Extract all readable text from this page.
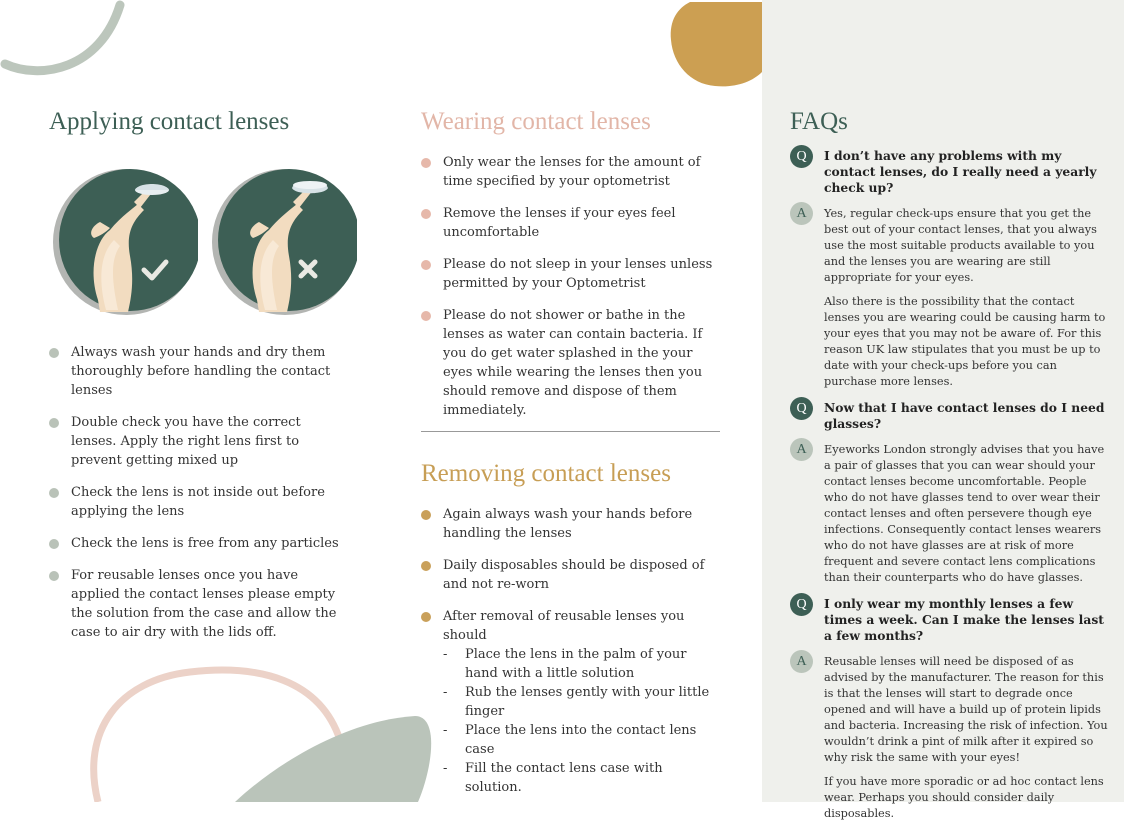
Applying contact lenses
Always wash your hands and dry them thoroughly before handling the contact lenses
Double check you have the correct lenses. Apply the right lens first to prevent getting mixed up
Check the lens is not inside out before applying the lens
Check the lens is free from any particles
For reusable lenses once you have applied the contact lenses please empty the solution from the case and allow the case to air dry with the lids off.
Wearing contact lenses
Only wear the lenses for the amount of time specified by your optometrist
Remove the lenses if your eyes feel uncomfortable
Please do not sleep in your lenses unless permitted by your Optometrist
Please do not shower or bathe in the lenses as water can contain bacteria. If you do get water splashed in the your eyes while wearing the lenses then you should remove and dispose of them immediately.
Removing contact lenses
Again always wash your hands before handling the lenses
Daily disposables should be disposed of and not re-worn
After removal of reusable lenses you should
- Place the lens in the palm of your hand with a little solution
- Rub the lenses gently with your little finger
- Place the lens into the contact lens case
- Fill the contact lens case with solution.
FAQs
Q	I don’t have any problems with my contact lenses, do I really need a yearly check up?

A	Yes, regular check-ups ensure that you get the best out of your contact lenses, that you always use the most suitable products available to you and the lenses you are wearing are still appropriate for your eyes.

Also there is the possibility that the contact lenses you are wearing could be causing harm to your eyes that you may not be aware of. For this reason UK law stipulates that you must be up to date with your check-ups before you can purchase more lenses.

Q	Now that I have contact lenses do I need glasses?

A	Eyeworks London strongly advises that you have a pair of glasses that you can wear should your contact lenses become uncomfortable. People who do not have glasses tend to over wear their contact lenses and often persevere though eye infections. Consequently contact lenses wearers who do not have glasses are at risk of more frequent and severe contact lens complications than their counterparts who do have glasses.

Q	I only wear my monthly lenses a few times a week. Can I make the lenses last a few months?

A	Reusable lenses will need be disposed of as advised by the manufacturer. The reason for this is that the lenses will start to degrade once opened and will have a build up of protein lipids and bacteria. Increasing the risk of infection. You wouldn’t drink a pint of milk after it expired so why risk the same with your eyes!

If you have more sporadic or ad hoc contact lens wear. Perhaps you should consider daily disposables.
